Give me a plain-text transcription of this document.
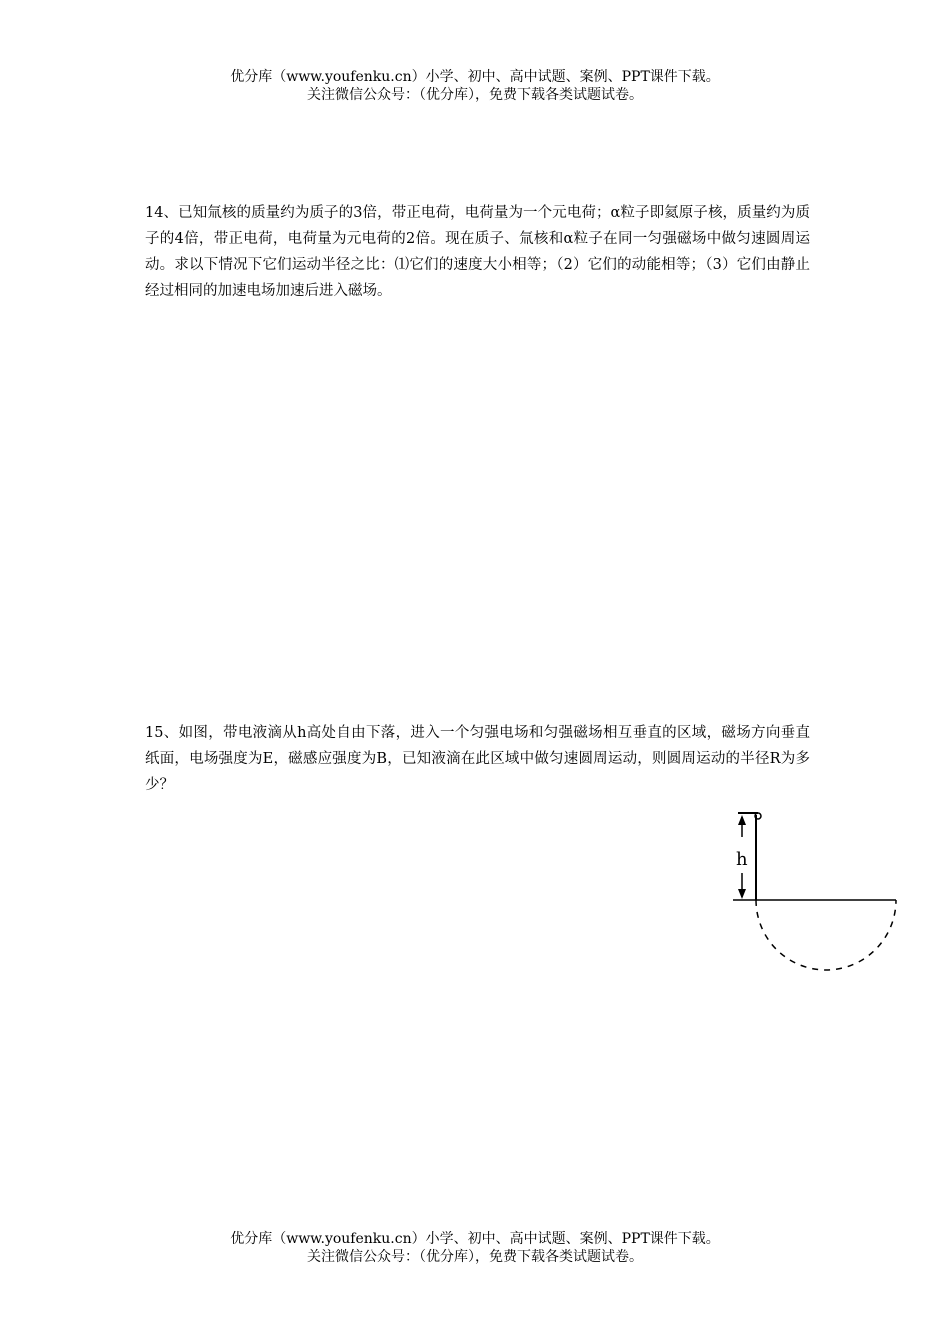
优分库（www.youfenku.cn）小学、初中、高中试题、案例、PPT课件下载。
关注微信公众号：（优分库），免费下载各类试题试卷。
14、已知氚核的质量约为质子的3倍，带正电荷，电荷量为一个元电荷；α粒子即氦原子核，质量约为质子的4倍，带正电荷，电荷量为元电荷的2倍。现在质子、氚核和α粒子在同一匀强磁场中做匀速圆周运动。求以下情况下它们运动半径之比：⑴它们的速度大小相等；（2）它们的动能相等；（3）它们由静止经过相同的加速电场加速后进入磁场。
15、如图，带电液滴从h高处自由下落，进入一个匀强电场和匀强磁场相互垂直的区域，磁场方向垂直纸面，电场强度为E，磁感应强度为B，已知液滴在此区域中做匀速圆周运动，则圆周运动的半径R为多少？
h
优分库（www.youfenku.cn）小学、初中、高中试题、案例、PPT课件下载。
关注微信公众号：（优分库），免费下载各类试题试卷。
